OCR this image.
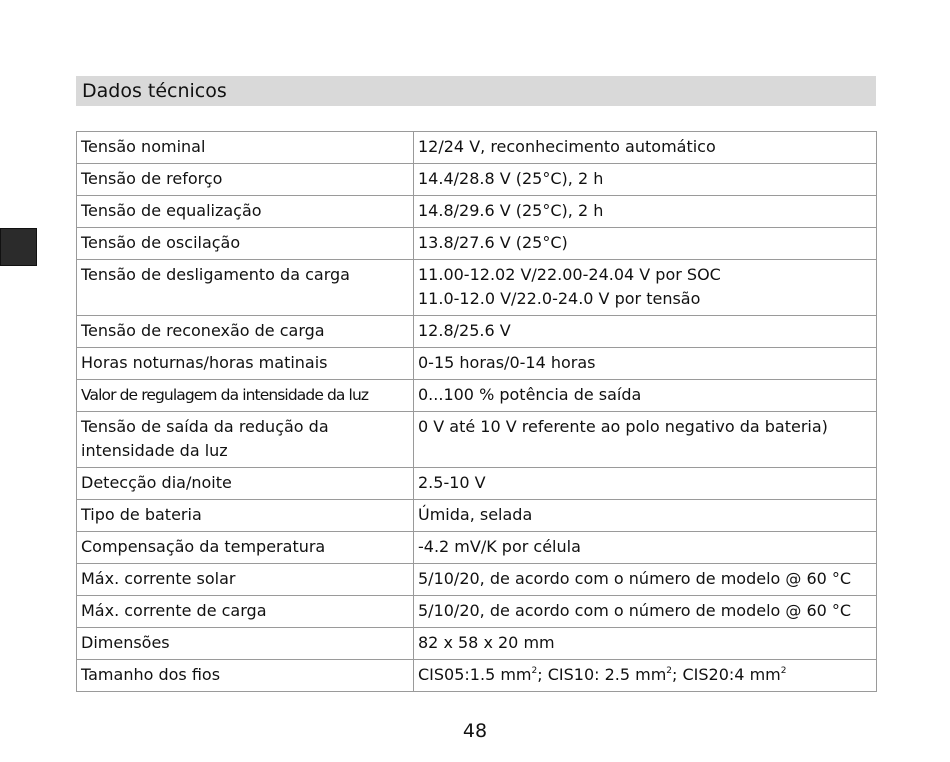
Dados técnicos
Tensão nominal	12/24 V, reconhecimento automático
Tensão de reforço	14.4/28.8 V (25°C), 2 h
Tensão de equalização	14.8/29.6 V (25°C), 2 h
Tensão de oscilação	13.8/27.6 V (25°C)
Tensão de desligamento da carga	11.00-12.02 V/22.00-24.04 V por SOC
11.0-12.0 V/22.0-24.0 V por tensão

Tensão de reconexão de carga	12.8/25.6 V
Horas noturnas/horas matinais	0-15 horas/0-14 horas
Valor de regulagem da intensidade da luz	0...100 % potência de saída

Tensão de saída da redução da
intensidade da luz	0 V até 10 V referente ao polo negativo da bateria)
Detecção dia/noite	2.5-10 V
Tipo de bateria	Úmida, selada
Compensação da temperatura	-4.2 mV/K por célula
Máx. corrente solar	5/10/20, de acordo com o número de modelo @ 60 °C
Máx. corrente de carga	5/10/20, de acordo com o número de modelo @ 60 °C
Dimensões	82 x 58 x 20 mm
Tamanho dos fios	CIS05:1.5 $mm^2$; CIS10: 2.5 $mm^2$; CIS20:4 $mm^2$
48
